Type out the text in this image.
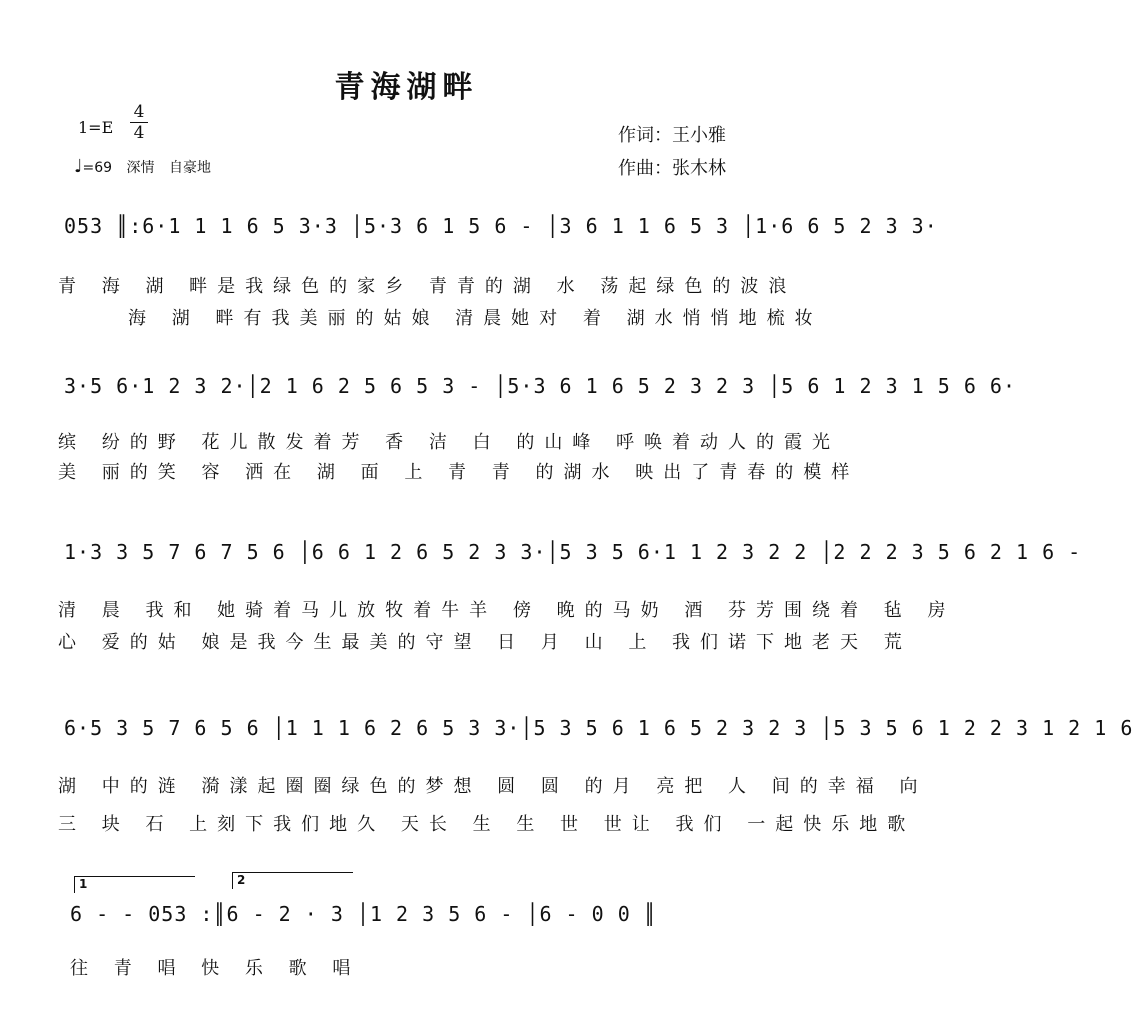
青海湖畔
1=E
4
4
♩=69 深情 自豪地
作词：王小雅
作曲：张木林
053 ║:6·1 1 1 6 5 3·3 │5·3 6 1 5 6 - │3 6 1 1 6 5 3 │1·6 6 5 2 3 3·
青 海 湖 畔是我绿色的家乡 青青的湖 水 荡起绿色的波浪
海 湖 畔有我美丽的姑娘 清晨她对 着 湖水悄悄地梳妆
3·5 6·1 2 3 2·│2 1 6 2 5 6 5 3 - │5·3 6 1 6 5 2 3 2 3 │5 6 1 2 3 1 5 6 6·
缤 纷的野 花儿散发着芳 香 洁 白 的山峰 呼唤着动人的霞光
美 丽的笑 容 洒在 湖 面 上 青 青 的湖水 映出了青春的模样
1·3 3 5 7 6 7 5 6 │6 6 1 2 6 5 2 3 3·│5 3 5 6·1 1 2 3 2 2 │2 2 2 3 5 6 2 1 6 -
清 晨 我和 她骑着马儿放牧着牛羊 傍 晚的马奶 酒 芬芳围绕着 毡 房
心 爱的姑 娘是我今生最美的守望 日 月 山 上 我们诺下地老天 荒
6·5 3 5 7 6 5 6 │1 1 1 6 2 6 5 3 3·│5 3 5 6 1 6 5 2 3 2 3 │5 3 5 6 1 2 2 3 1 2 1 6
湖 中的涟 漪漾起圈圈绿色的梦想 圆 圆 的月 亮把 人 间的幸福 向
三 块 石 上刻下我们地久 天长 生 生 世 世让 我们 一起快乐地歌
1	2
6 - - 053 :║6 - 2 · 3 │1 2 3 5 6 - │6 - 0 0 ║
往 青 唱 快 乐 歌 唱
